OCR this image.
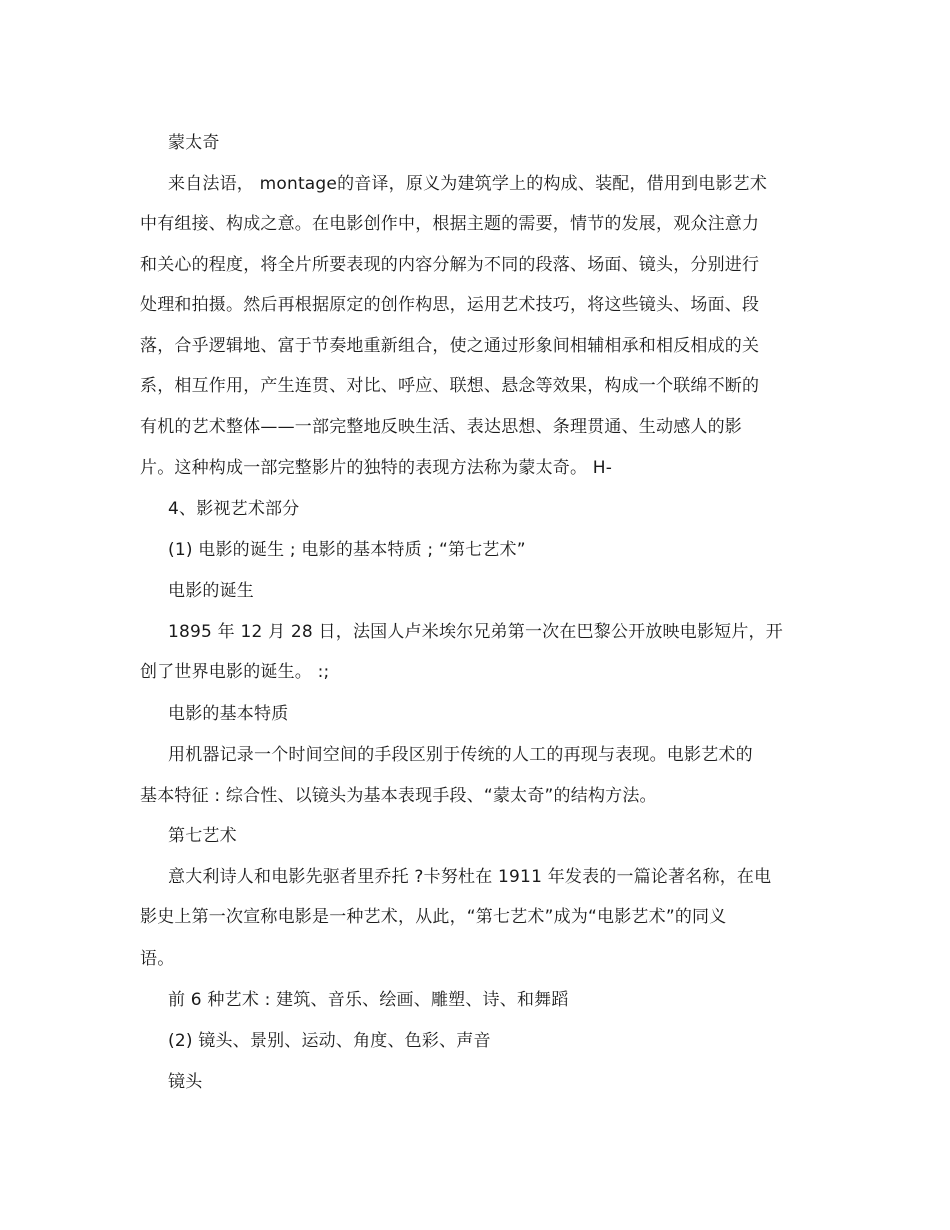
蒙太奇
来自法语， montage的音译，原义为建筑学上的构成、装配，借用到电影艺术
中有组接、构成之意。在电影创作中，根据主题的需要，情节的发展，观众注意力
和关心的程度，将全片所要表现的内容分解为不同的段落、场面、镜头，分别进行
处理和拍摄。然后再根据原定的创作构思，运用艺术技巧，将这些镜头、场面、段
落，合乎逻辑地、富于节奏地重新组合，使之通过形象间相辅相承和相反相成的关
系，相互作用，产生连贯、对比、呼应、联想、悬念等效果，构成一个联绵不断的
有机的艺术整体——一部完整地反映生活、表达思想、条理贯通、生动感人的影
片。这种构成一部完整影片的独特的表现方法称为蒙太奇。 H-
4、影视艺术部分
(1) 电影的诞生 ; 电影的基本特质 ; “第七艺术”
电影的诞生
1895 年 12 月 28 日，法国人卢米埃尔兄弟第一次在巴黎公开放映电影短片，开
创了世界电影的诞生。 :;
电影的基本特质
用机器记录一个时间空间的手段区别于传统的人工的再现与表现。电影艺术的
基本特征 : 综合性、以镜头为基本表现手段、“蒙太奇”的结构方法。
第七艺术
意大利诗人和电影先驱者里乔托 ?卡努杜在 1911 年发表的一篇论著名称，在电
影史上第一次宣称电影是一种艺术，从此，“第七艺术”成为“电影艺术”的同义
语。
前 6 种艺术 : 建筑、音乐、绘画、雕塑、诗、和舞蹈
(2) 镜头、景别、运动、角度、色彩、声音
镜头
